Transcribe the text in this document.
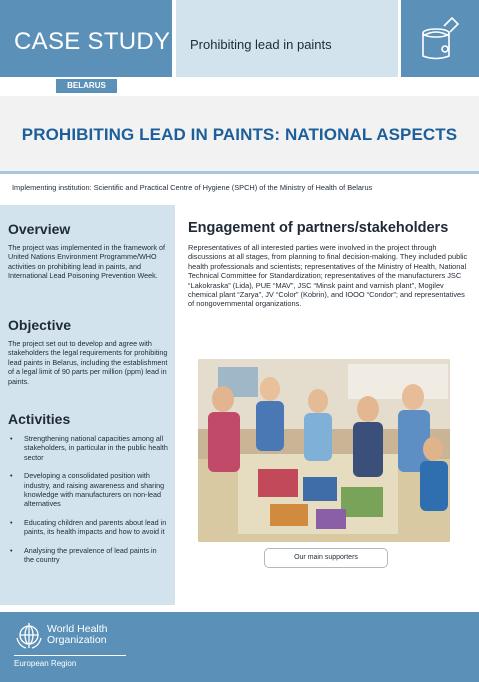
CASE STUDY Prohibiting lead in paints
BELARUS
PROHIBITING LEAD IN PAINTS: NATIONAL ASPECTS
Implementing institution: Scientific and Practical Centre of Hygiene (SPCH) of the Ministry of Health of Belarus
Overview

The project was implemented in the framework of United Nations Environment Programme/WHO activities on prohibiting lead in paints, and International Lead Poisoning Prevention Week.

Objective

The project set out to develop and agree with stakeholders the legal requirements for prohibiting lead paints in Belarus, including the establishment of a legal limit of 90 parts per million (ppm) lead in paints.

Activities
• Strengthening national capacities among all stakeholders, in particular in the public health sector
• Developing a consolidated position with industry, and raising awareness and sharing knowledge with manufacturers on non-lead alternatives
• Educating children and parents about lead in paints, its health impacts and how to avoid it
• Analysing the prevalence of lead paints in the country
Engagement of partners/stakeholders
Representatives of all interested parties were involved in the project through discussions at all stages, from planning to final decision-making. They included public health professionals and scientists; representatives of the Ministry of Health, National Technical Committee for Standardization; representatives of the manufacturers JSC “Lakokraska” (Lida), PUE “MAV”, JSC “Minsk paint and varnish plant”, Mogilev chemical plant “Zarya”, JV “Color” (Kobrin), and IOOO “Condor”; and representatives of nongovernmental organizations.
Our main supporters
World Health Organization
European Region
